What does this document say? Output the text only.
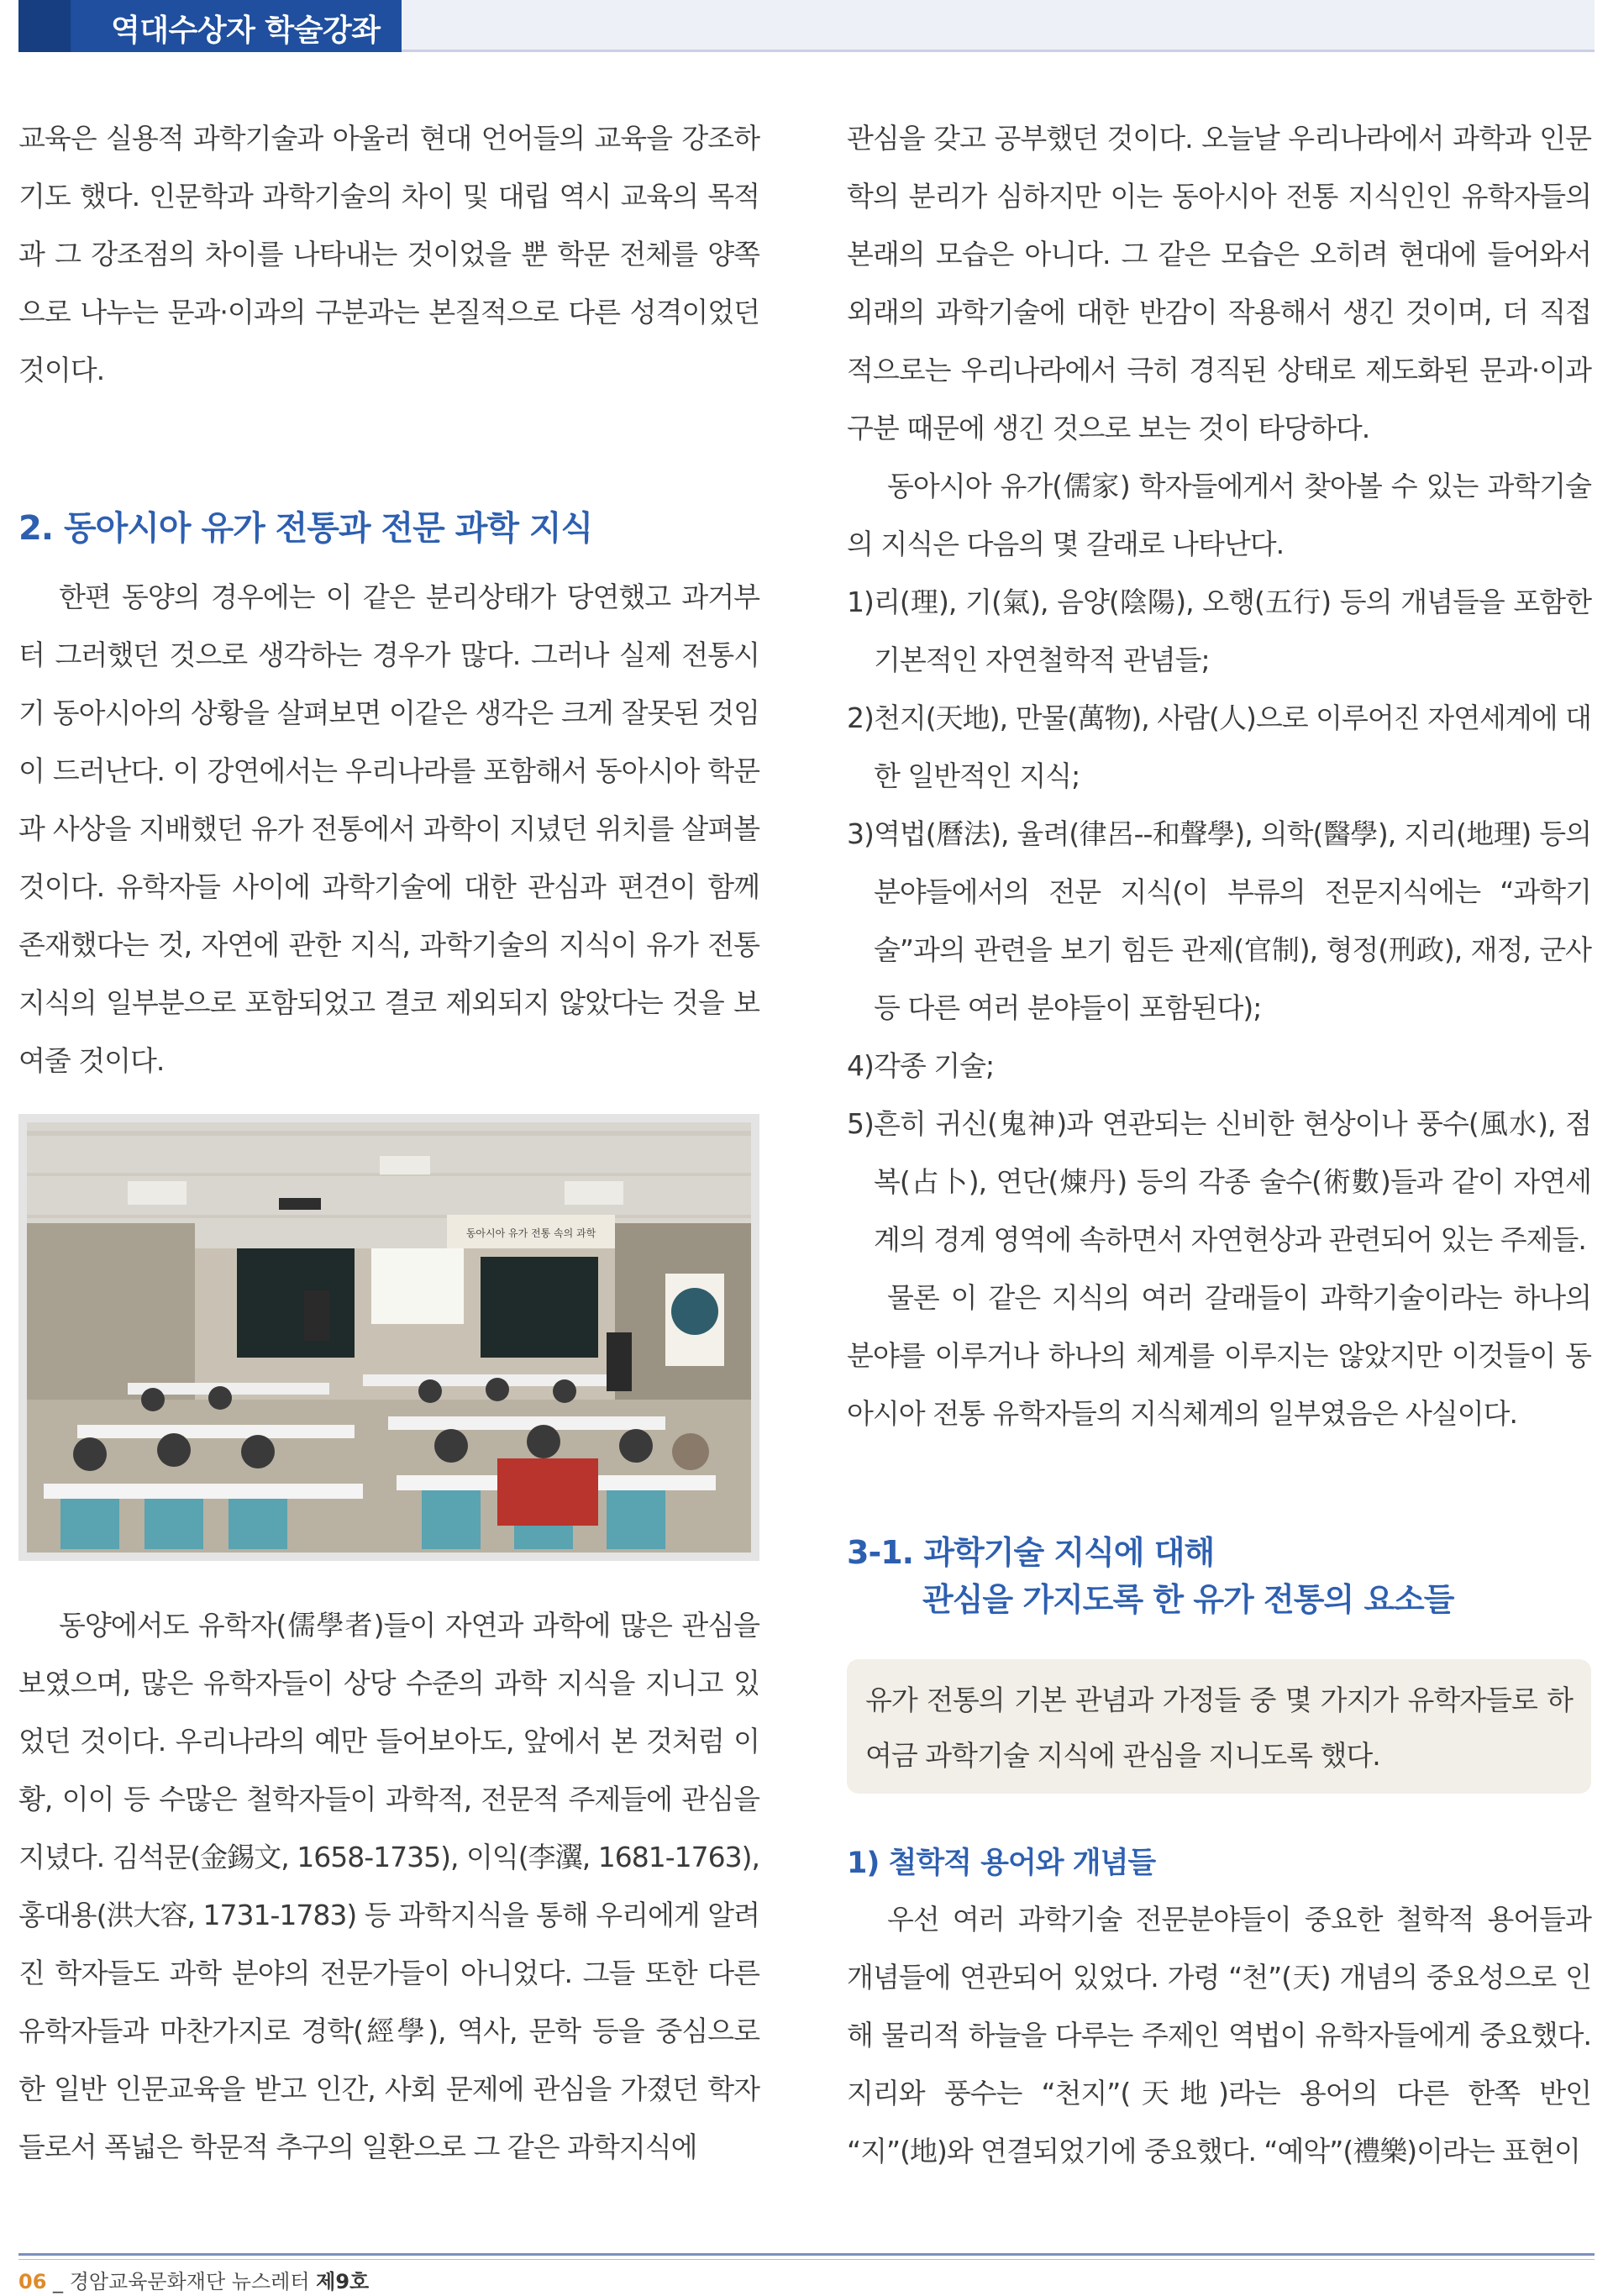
역대수상자 학술강좌

교육은 실용적 과학기술과 아울러 현대 언어들의 교육을 강조하기도 했다. 인문학과 과학기술의 차이 및 대립 역시 교육의 목적과 그 강조점의 차이를 나타내는 것이었을 뿐 학문 전체를 양쪽으로 나누는 문과·이과의 구분과는 본질적으로 다른 성격이었던 것이다.

2. 동아시아 유가 전통과 전문 과학 지식

한편 동양의 경우에는 이 같은 분리상태가 당연했고 과거부터 그러했던 것으로 생각하는 경우가 많다. 그러나 실제 전통시기 동아시아의 상황을 살펴보면 이같은 생각은 크게 잘못된 것임이 드러난다. 이 강연에서는 우리나라를 포함해서 동아시아 학문과 사상을 지배했던 유가 전통에서 과학이 지녔던 위치를 살펴볼 것이다. 유학자들 사이에 과학기술에 대한 관심과 편견이 함께 존재했다는 것, 자연에 관한 지식, 과학기술의 지식이 유가 전통 지식의 일부분으로 포함되었고 결코 제외되지 않았다는 것을 보여줄 것이다.

동아시아 유가 전통 속의 과학

동양에서도 유학자(儒學者)들이 자연과 과학에 많은 관심을 보였으며, 많은 유학자들이 상당 수준의 과학 지식을 지니고 있었던 것이다. 우리나라의 예만 들어보아도, 앞에서 본 것처럼 이황, 이이 등 수많은 철학자들이 과학적, 전문적 주제들에 관심을 지녔다. 김석문(金錫文, 1658-1735), 이익(李瀷, 1681-1763), 홍대용(洪大容, 1731-1783) 등 과학지식을 통해 우리에게 알려진 학자들도 과학 분야의 전문가들이 아니었다. 그들 또한 다른 유학자들과 마찬가지로 경학(經學), 역사, 문학 등을 중심으로 한 일반 인문교육을 받고 인간, 사회 문제에 관심을 가졌던 학자들로서 폭넓은 학문적 추구의 일환으로 그 같은 과학지식에

관심을 갖고 공부했던 것이다. 오늘날 우리나라에서 과학과 인문학의 분리가 심하지만 이는 동아시아 전통 지식인인 유학자들의 본래의 모습은 아니다. 그 같은 모습은 오히려 현대에 들어와서 외래의 과학기술에 대한 반감이 작용해서 생긴 것이며, 더 직접적으로는 우리나라에서 극히 경직된 상태로 제도화된 문과·이과 구분 때문에 생긴 것으로 보는 것이 타당하다.

동아시아 유가(儒家) 학자들에게서 찾아볼 수 있는 과학기술의 지식은 다음의 몇 갈래로 나타난다.

1) 리(理), 기(氣), 음양(陰陽), 오행(五行) 등의 개념들을 포함한 기본적인 자연철학적 관념들;
2) 천지(天地), 만물(萬物), 사람(人)으로 이루어진 자연세계에 대한 일반적인 지식;
3) 역법(曆法), 율려(律呂--和聲學), 의학(醫學), 지리(地理) 등의 분야들에서의 전문 지식(이 부류의 전문지식에는 “과학기술”과의 관련을 보기 힘든 관제(官制), 형정(刑政), 재정, 군사 등 다른 여러 분야들이 포함된다);
4) 각종 기술;
5) 흔히 귀신(鬼神)과 연관되는 신비한 현상이나 풍수(風水), 점복(占卜), 연단(煉丹) 등의 각종 술수(術數)들과 같이 자연세계의 경계 영역에 속하면서 자연현상과 관련되어 있는 주제들.

물론 이 같은 지식의 여러 갈래들이 과학기술이라는 하나의 분야를 이루거나 하나의 체계를 이루지는 않았지만 이것들이 동아시아 전통 유학자들의 지식체계의 일부였음은 사실이다.

3-1. 과학기술 지식에 대해
관심을 가지도록 한 유가 전통의 요소들

유가 전통의 기본 관념과 가정들 중 몇 가지가 유학자들로 하여금 과학기술 지식에 관심을 지니도록 했다.

1) 철학적 용어와 개념들

우선 여러 과학기술 전문분야들이 중요한 철학적 용어들과 개념들에 연관되어 있었다. 가령 “천”(天) 개념의 중요성으로 인해 물리적 하늘을 다루는 주제인 역법이 유학자들에게 중요했다. 지리와 풍수는 “천지”(天地)라는 용어의 다른 한쪽 반인 “지”(地)와 연결되었기에 중요했다. “예악”(禮樂)이라는 표현이

06 _ 경암교육문화재단 뉴스레터 제9호
